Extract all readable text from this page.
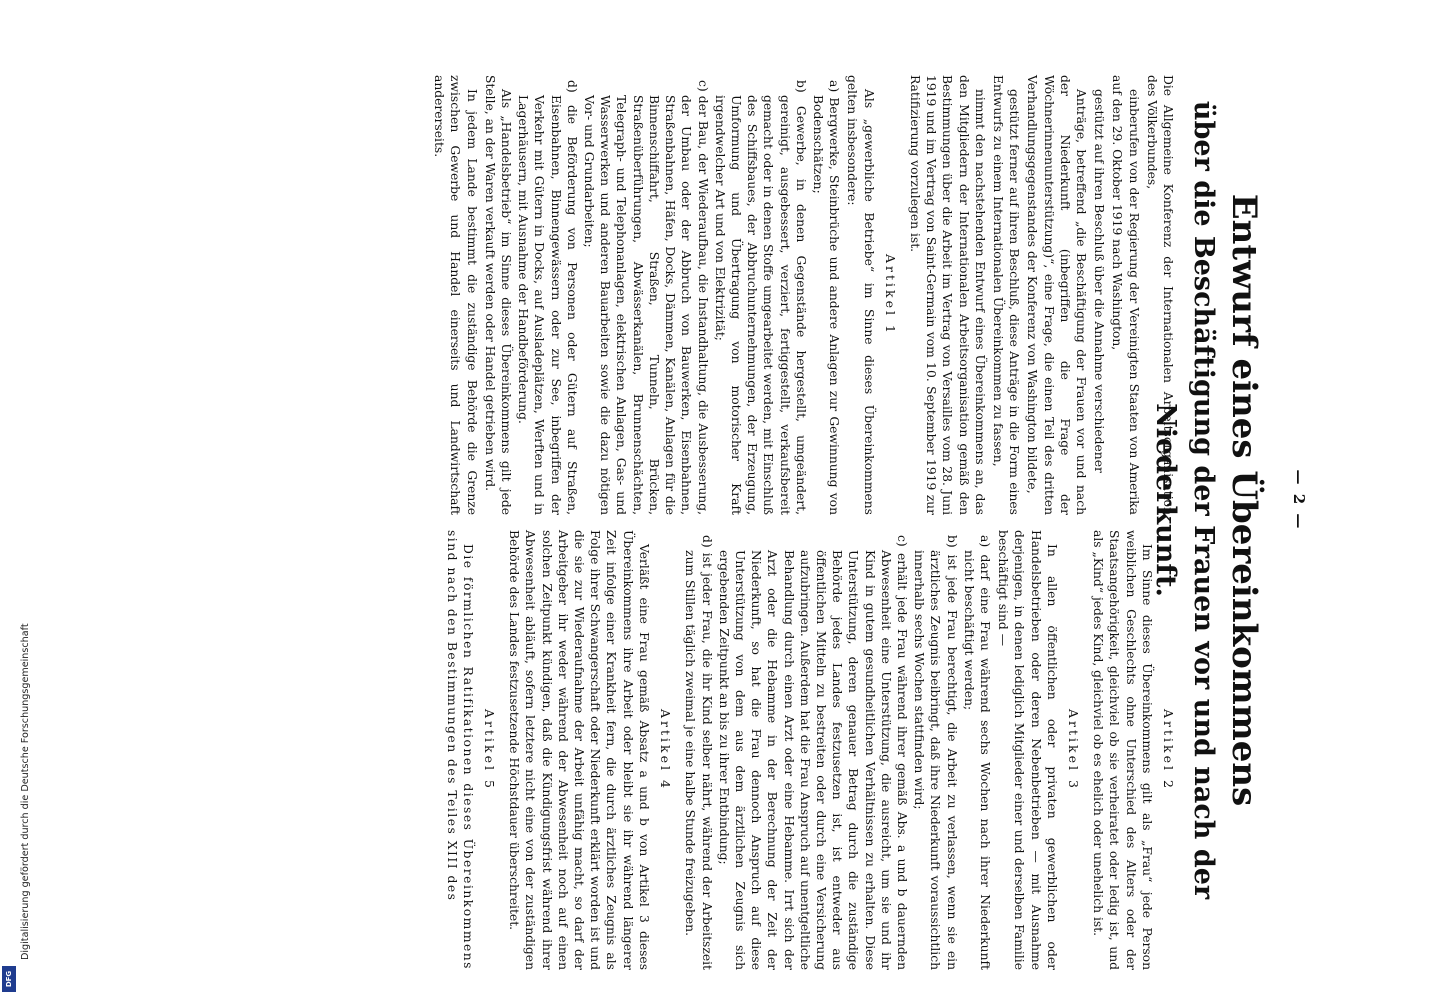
— 2 —
Entwurf eines Übereinkommens
über die Beschäftigung der Frauen vor und nach der Niederkunft.

Die Allgemeine Konferenz der Internationalen Arbeitsorganisation des Völkerbundes,

einberufen von der Regierung der Vereinigten Staaten von Amerika auf den 29. Oktober 1919 nach Washington,

gestützt auf ihren Beschluß über die Annahme verschiedener

Anträge, betreffend „die Beschäftigung der Frauen vor und nach der Niederkunft (inbegriffen die Frage der Wöchnerinnenunterstützung)“, eine Frage, die einen Teil des dritten Verhandlungsgegenstandes der Konferenz von Washington bildete,

gestützt ferner auf ihren Beschluß, diese Anträge in die Form eines Entwurfs zu einem Internationalen Übereinkommen zu fassen,

nimmt den nachstehenden Entwurf eines Übereinkommens an, das den Mitgliedern der Internationalen Arbeitsorganisation gemäß den Bestimmungen über die Arbeit im Vertrag von Versailles vom 28. Juni 1919 und im Vertrag von Saint-Germain vom 10. September 1919 zur Ratifizierung vorzulegen ist.

Artikel 1

Als „gewerbliche Betriebe“ im Sinne dieses Übereinkommens gelten insbesondere:

a) Bergwerke, Steinbrüche und andere Anlagen zur Gewinnung von Bodenschätzen;
b) Gewerbe, in denen Gegenstände hergestellt, umgeändert, gereinigt, ausgebessert, verziert, fertiggestellt, verkaufsbereit gemacht oder in denen Stoffe umgearbeitet werden, mit Einschluß des Schiffsbaues, der Abbruchunternehmungen, der Erzeugung, Umformung und Übertragung von motorischer Kraft irgendwelcher Art und von Elektrizität;
c) der Bau, der Wiederaufbau, die Instandhaltung, die Ausbesserung, der Umbau oder der Abbruch von Bauwerken, Eisenbahnen, Straßenbahnen, Häfen, Docks, Dämmen, Kanälen, Anlagen für die Binnenschiffahrt, Straßen, Tunneln, Brücken, Straßenüberführungen, Abwässerkanälen, Brunnenschächten, Telegraph- und Telephonanlagen, elektrischen Anlagen, Gas- und Wasserwerken und anderen Bauarbeiten sowie die dazu nötigen Vor- und Grundarbeiten;
d) die Beförderung von Personen oder Gütern auf Straßen, Eisenbahnen, Binnengewässern oder zur See, inbegriffen der Verkehr mit Gütern in Docks, auf Ausladeplätzen, Werften und in Lagerhäusern, mit Ausnahme der Handbeförderung.

Als „Handelsbetrieb“ im Sinne dieses Übereinkommens gilt jede Stelle, an der Waren verkauft werden oder Handel getrieben wird.

In jedem Lande bestimmt die zuständige Behörde die Grenze zwischen Gewerbe und Handel einerseits und Landwirtschaft andererseits.

Artikel 2

Im Sinne dieses Übereinkommens gilt als „Frau“ jede Person weiblichen Geschlechts ohne Unterschied des Alters oder der Staatsangehörigkeit, gleichviel ob sie verheiratet oder ledig ist, und als „Kind“ jedes Kind, gleichviel ob es ehelich oder unehelich ist.

Artikel 3

In allen öffentlichen oder privaten gewerblichen oder Handelsbetrieben oder deren Nebenbetrieben — mit Ausnahme derjenigen, in denen lediglich Mitglieder einer und derselben Familie beschäftigt sind —

a) darf eine Frau während sechs Wochen nach ihrer Niederkunft nicht beschäftigt werden;
b) ist jede Frau berechtigt, die Arbeit zu verlassen, wenn sie ein ärztliches Zeugnis beibringt, daß ihre Niederkunft voraussichtlich innerhalb sechs Wochen stattfinden wird;
c) erhält jede Frau während ihrer gemäß Abs. a und b dauernden Abwesenheit eine Unterstützung, die ausreicht, um sie und ihr Kind in gutem gesundheitlichen Verhältnissen zu erhalten. Diese Unterstützung, deren genauer Betrag durch die zuständige Behörde jedes Landes festzusetzen ist, ist entweder aus öffentlichen Mitteln zu bestreiten oder durch eine Versicherung aufzubringen. Außerdem hat die Frau Anspruch auf unentgeltliche Behandlung durch einen Arzt oder eine Hebamme. Irrt sich der Arzt oder die Hebamme in der Berechnung der Zeit der Niederkunft, so hat die Frau dennoch Anspruch auf diese Unterstützung von dem aus dem ärztlichen Zeugnis sich ergebenden Zeitpunkt an bis zu ihrer Entbindung;
d) ist jeder Frau, die ihr Kind selber nährt, während der Arbeitszeit zum Stillen täglich zweimal je eine halbe Stunde freizugeben.
Artikel 4

Verläßt eine Frau gemäß Absatz a und b von Artikel 3 dieses Übereinkommens ihre Arbeit oder bleibt sie ihr während längerer Zeit infolge einer Krankheit fern, die durch ärztliches Zeugnis als Folge ihrer Schwangerschaft oder Niederkunft erklärt worden ist und die sie zur Wiederaufnahme der Arbeit unfähig macht, so darf der Arbeitgeber ihr weder während der Abwesenheit noch auf einen solchen Zeitpunkt kündigen, daß die Kündigungsfrist während ihrer Abwesenheit abläuft, sofern letztere nicht eine von der zuständigen Behörde des Landes festzusetzende Höchstdauer überschreitet.

Artikel 5

Die förmlichen Ratifikationen dieses Übereinkommens sind nach den Bestimmungen des Teiles XIII des

Digitalisierung gefördert durch die Deutsche Forschungsgemeinschaft
DFG
